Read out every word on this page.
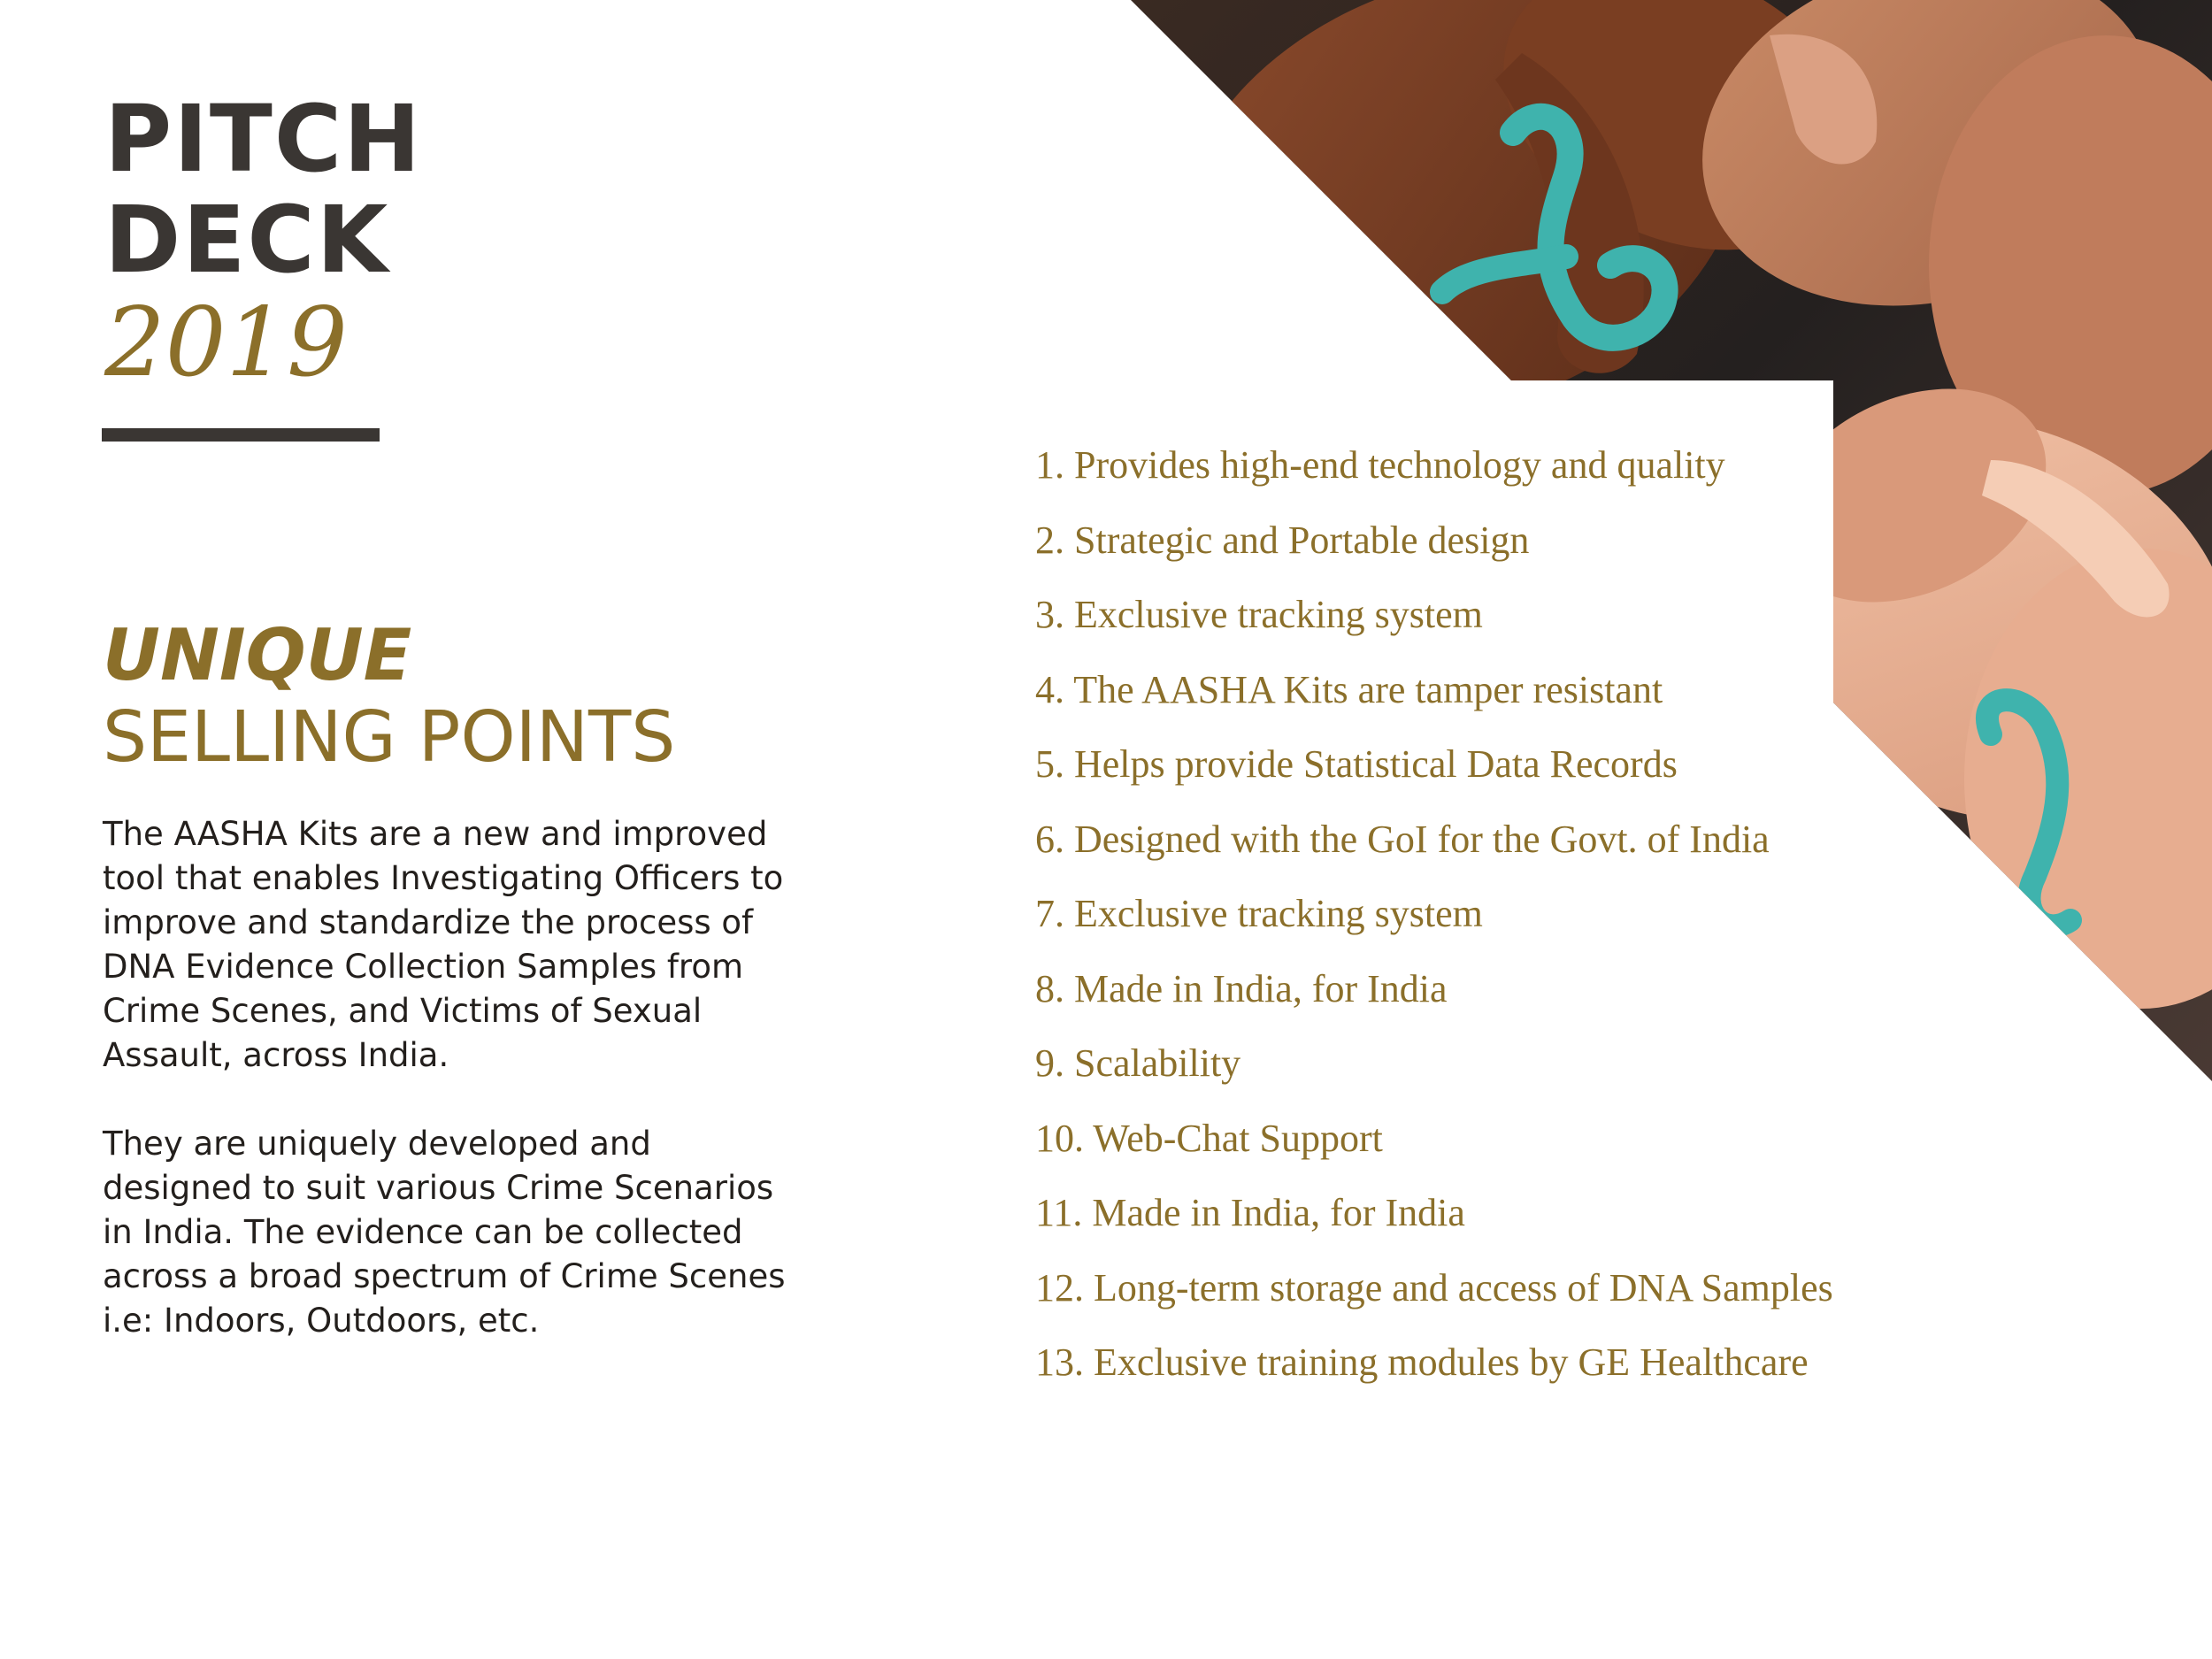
PITCH
DECK
2019
UNIQUE
SELLING POINTS

The AASHA Kits are a new and improved tool that enables Investigating Officers to improve and standardize the process of DNA Evidence Collection Samples from Crime Scenes, and Victims of Sexual Assault, across India.

They are uniquely developed and designed to suit various Crime Scenarios in India. The evidence can be collected across a broad spectrum of Crime Scenes i.e: Indoors, Outdoors, etc.

1. Provides high-end technology and quality
2. Strategic and Portable design
3. Exclusive tracking system
4. The AASHA Kits are tamper resistant
5. Helps provide Statistical Data Records
6. Designed with the GoI for the Govt. of India
7. Exclusive tracking system
8. Made in India, for India
9. Scalability
10. Web-Chat Support
11. Made in India, for India
12. Long-term storage and access of DNA Samples
13. Exclusive training modules by GE Healthcare
